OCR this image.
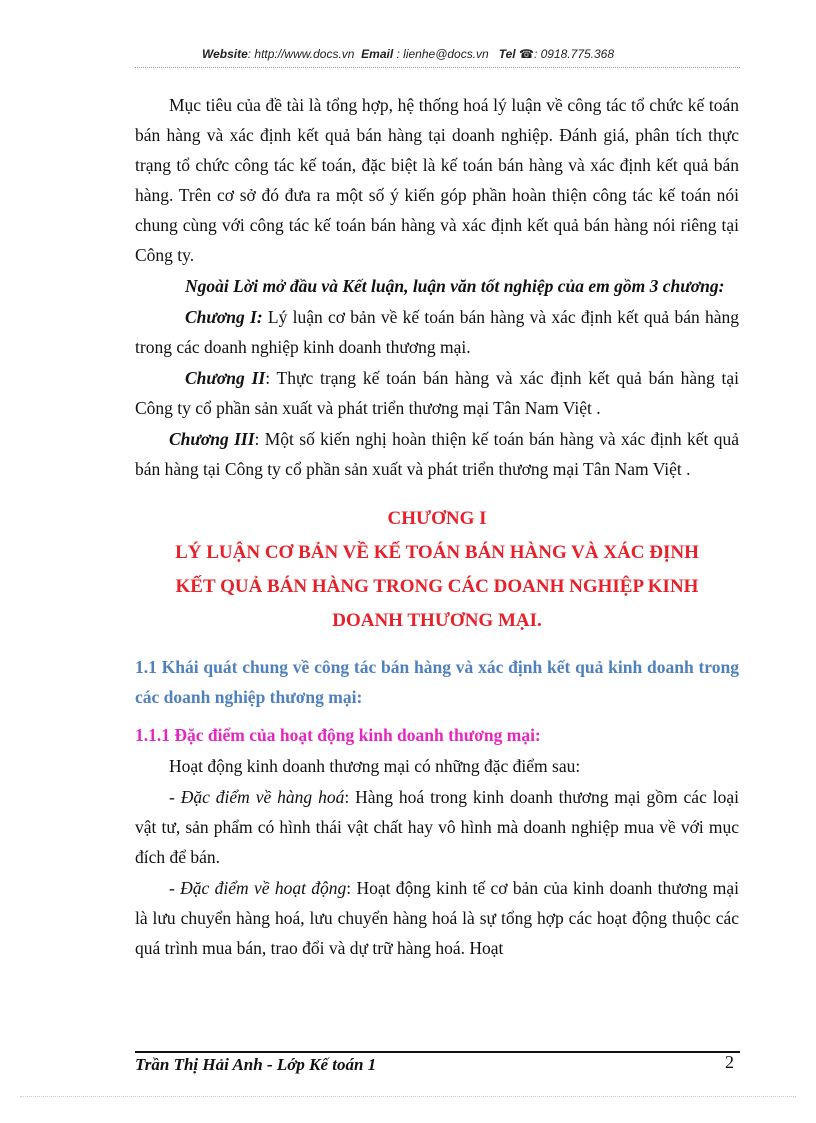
Website: http://www.docs.vn Email : lienhe@docs.vn Tel ☎: 0918.775.368

Mục tiêu của đề tài là tổng hợp, hệ thống hoá lý luận về công tác tổ chức kế toán bán hàng và xác định kết quả bán hàng tại doanh nghiệp. Đánh giá, phân tích thực trạng tổ chức công tác kế toán, đặc biệt là kế toán bán hàng và xác định kết quả bán hàng. Trên cơ sở đó đưa ra một số ý kiến góp phần hoàn thiện công tác kế toán nói chung cùng với công tác kế toán bán hàng và xác định kết quả bán hàng nói riêng tại Công ty.

Ngoài Lời mở đầu và Kết luận, luận văn tốt nghiệp của em gồm 3 chương:

Chương I: Lý luận cơ bản về kế toán bán hàng và xác định kết quả bán hàng trong các doanh nghiệp kinh doanh thương mại.

Chương II: Thực trạng kế toán bán hàng và xác định kết quả bán hàng tại Công ty cổ phần sản xuất và phát triển thương mại Tân Nam Việt .

Chương III: Một số kiến nghị hoàn thiện kế toán bán hàng và xác định kết quả bán hàng tại Công ty cổ phần sản xuất và phát triển thương mại Tân Nam Việt .

CHƯƠNG I

LÝ LUẬN CƠ BẢN VỀ KẾ TOÁN BÁN HÀNG VÀ XÁC ĐỊNH

KẾT QUẢ BÁN HÀNG TRONG CÁC DOANH NGHIỆP KINH

DOANH THƯƠNG MẠI.

1.1 Khái quát chung về công tác bán hàng và xác định kết quả kinh doanh trong các doanh nghiệp thương mại:

1.1.1 Đặc điểm của hoạt động kinh doanh thương mại:

Hoạt động kinh doanh thương mại có những đặc điểm sau:

- Đặc điểm về hàng hoá: Hàng hoá trong kinh doanh thương mại gồm các loại vật tư, sản phẩm có hình thái vật chất hay vô hình mà doanh nghiệp mua về với mục đích để bán.

- Đặc điểm về hoạt động: Hoạt động kinh tế cơ bản của kinh doanh thương mại là lưu chuyển hàng hoá, lưu chuyển hàng hoá là sự tổng hợp các hoạt động thuộc các quá trình mua bán, trao đổi và dự trữ hàng hoá. Hoạt

Trần Thị Hải Anh - Lớp Kế toán 1	2
